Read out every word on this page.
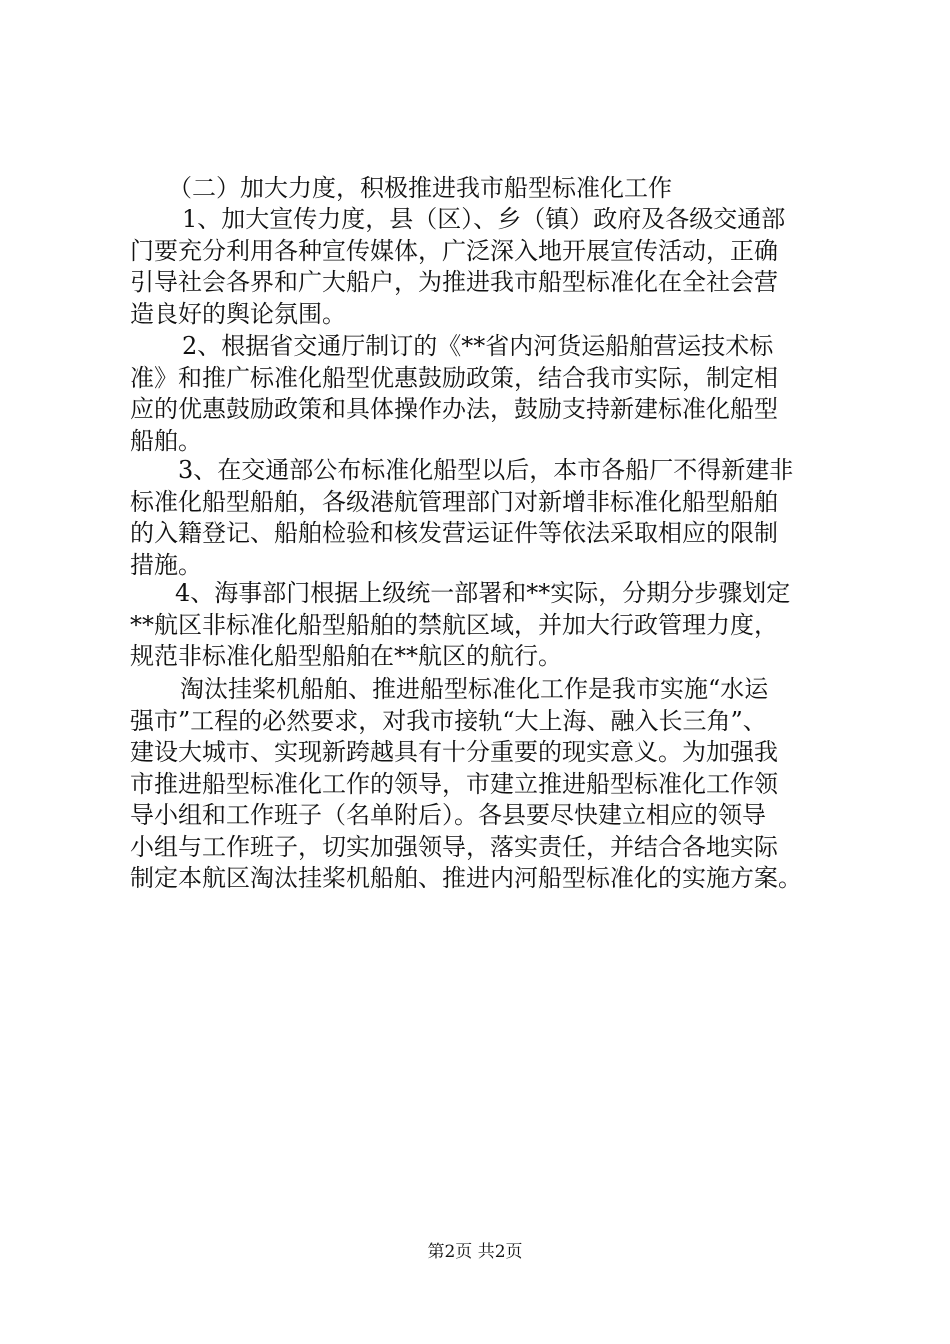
（二）加大力度，积极推进我市船型标准化工作
1、加大宣传力度，县（区）、乡（镇）政府及各级交通部
门要充分利用各种宣传媒体，广泛深入地开展宣传活动，正确
引导社会各界和广大船户，为推进我市船型标准化在全社会营
造良好的舆论氛围。
2、根据省交通厅制订的《**省内河货运船舶营运技术标
准》和推广标准化船型优惠鼓励政策，结合我市实际，制定相
应的优惠鼓励政策和具体操作办法，鼓励支持新建标准化船型
船舶。
3、在交通部公布标准化船型以后，本市各船厂不得新建非
标准化船型船舶，各级港航管理部门对新增非标准化船型船舶
的入籍登记、船舶检验和核发营运证件等依法采取相应的限制
措施。
4、海事部门根据上级统一部署和**实际，分期分步骤划定
**航区非标准化船型船舶的禁航区域，并加大行政管理力度，
规范非标准化船型船舶在**航区的航行。
淘汰挂桨机船舶、推进船型标准化工作是我市实施“水运
强市”工程的必然要求，对我市接轨“大上海、融入长三角”、
建设大城市、实现新跨越具有十分重要的现实意义。为加强我
市推进船型标准化工作的领导，市建立推进船型标准化工作领
导小组和工作班子（名单附后）。各县要尽快建立相应的领导
小组与工作班子，切实加强领导，落实责任，并结合各地实际
制定本航区淘汰挂桨机船舶、推进内河船型标准化的实施方案。
第2页 共2页
